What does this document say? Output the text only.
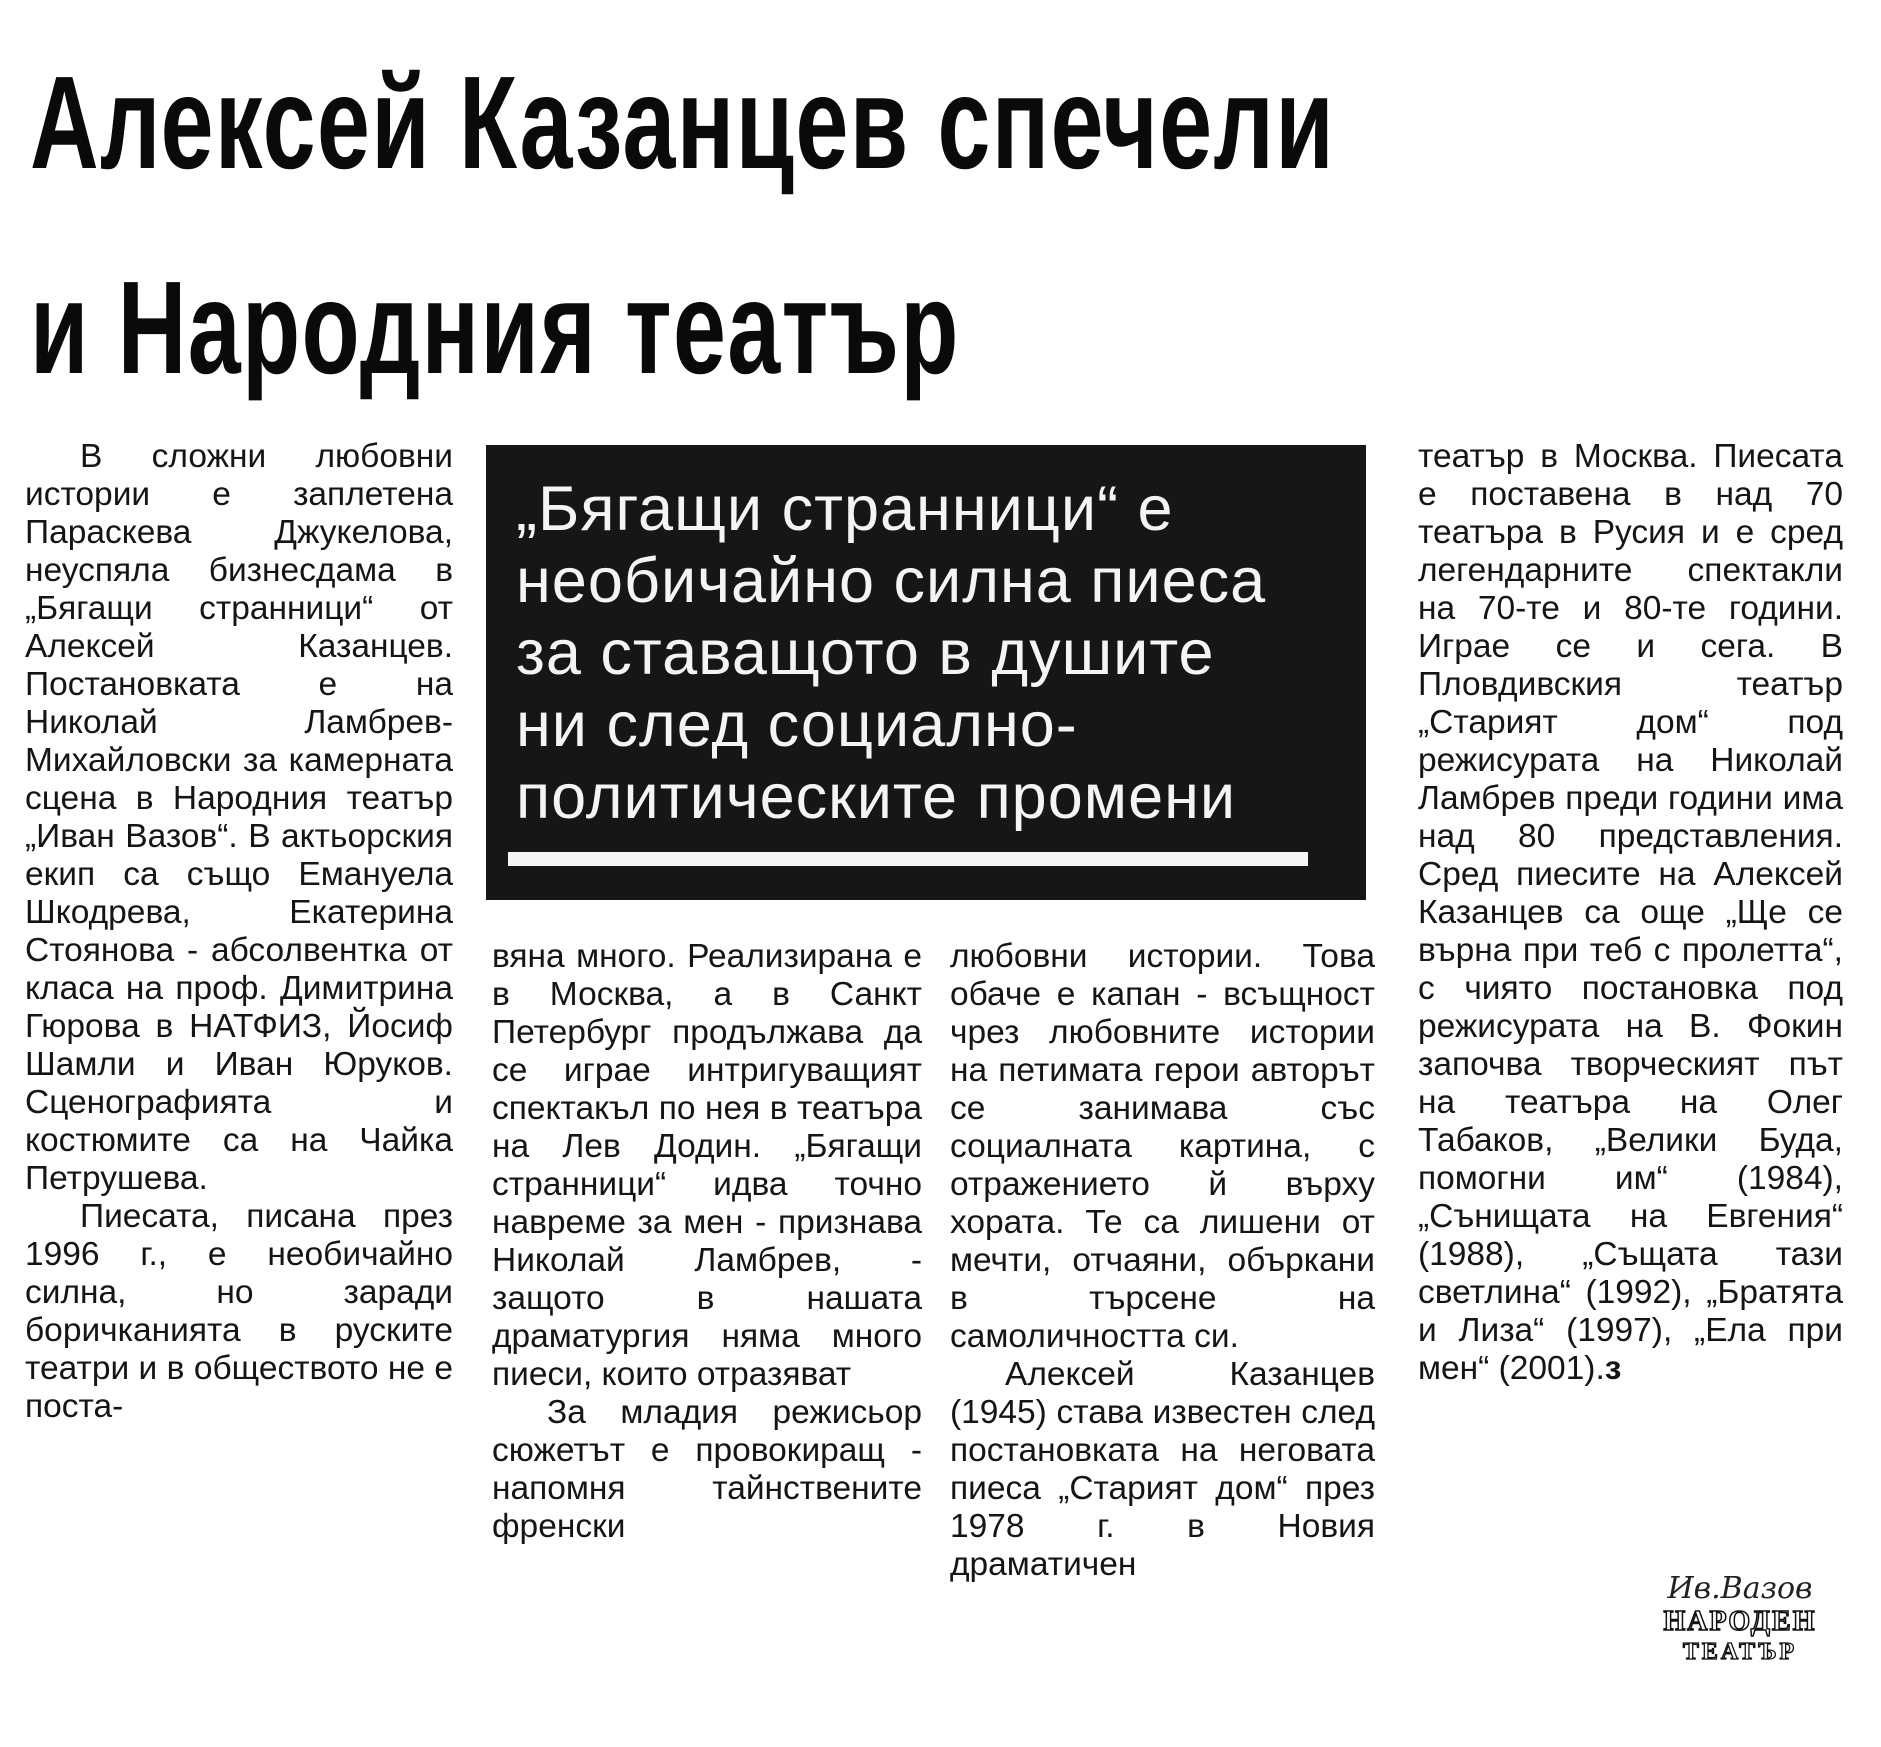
Алексей Казанцев спечели
и Народния театър

В сложни любовни истории е заплетена Параскева Джукелова, неуспяла бизнесдама в „Бягащи странници“ от Алексей Казанцев. Постановката е на Николай Ламбрев-Михайловски за камерната сцена в Народния театър „Иван Вазов“. В актьорския екип са също Емануела Шкодрева, Екатерина Стоянова - абсолвентка от класа на проф. Димитрина Гюрова в НАТФИЗ, Йосиф Шамли и Иван Юруков. Сценографията и костюмите са на Чайка Петрушева.

Пиесата, писана през 1996 г., е необичайно силна, но заради боричканията в руските театри и в обществото не е поста-

„Бягащи странници“ е
необичайно силна пиеса
за ставащото в душите
ни след социално-
политическите промени

вяна много. Реализирана е в Москва, а в Санкт Петербург продължава да се играе интригуващият спектакъл по нея в театъра на Лев Додин. „Бягащи странници“ идва точно навреме за мен - признава Николай Ламбрев, - защото в нашата драматургия няма много пиеси, които отразяват

За младия режисьор сюжетът е провокиращ - напомня тайнствените френски

любовни истории. Това обаче е капан - всъщност чрез любовните истории на петимата герои авторът се занимава със социалната картина, с отражението й върху хората. Те са лишени от мечти, отчаяни, объркани в търсене на самоличността си.

Алексей Казанцев (1945) става известен след постановката на неговата пиеса „Старият дом“ през 1978 г. в Новия драматичен

театър в Москва. Пиесата е поставена в над 70 театъра в Русия и е сред легендарните спектакли на 70-те и 80-те години. Играе се и сега. В Пловдивския театър „Старият дом“ под режисурата на Николай Ламбрев преди години има над 80 представления. Сред пиесите на Алексей Казанцев са още „Ще се върна при теб с пролетта“, с чиято постановка под режисурата на В. Фокин започва творческият път на театъра на Олег Табаков, „Велики Буда, помогни им“ (1984), „Сънищата на Евгения“ (1988), „Същата тази светлина“ (1992), „Братята и Лиза“ (1997), „Ела при мен“ (2001).з

Ив.Вазов
НАРОДЕН
ТЕАТЪР
